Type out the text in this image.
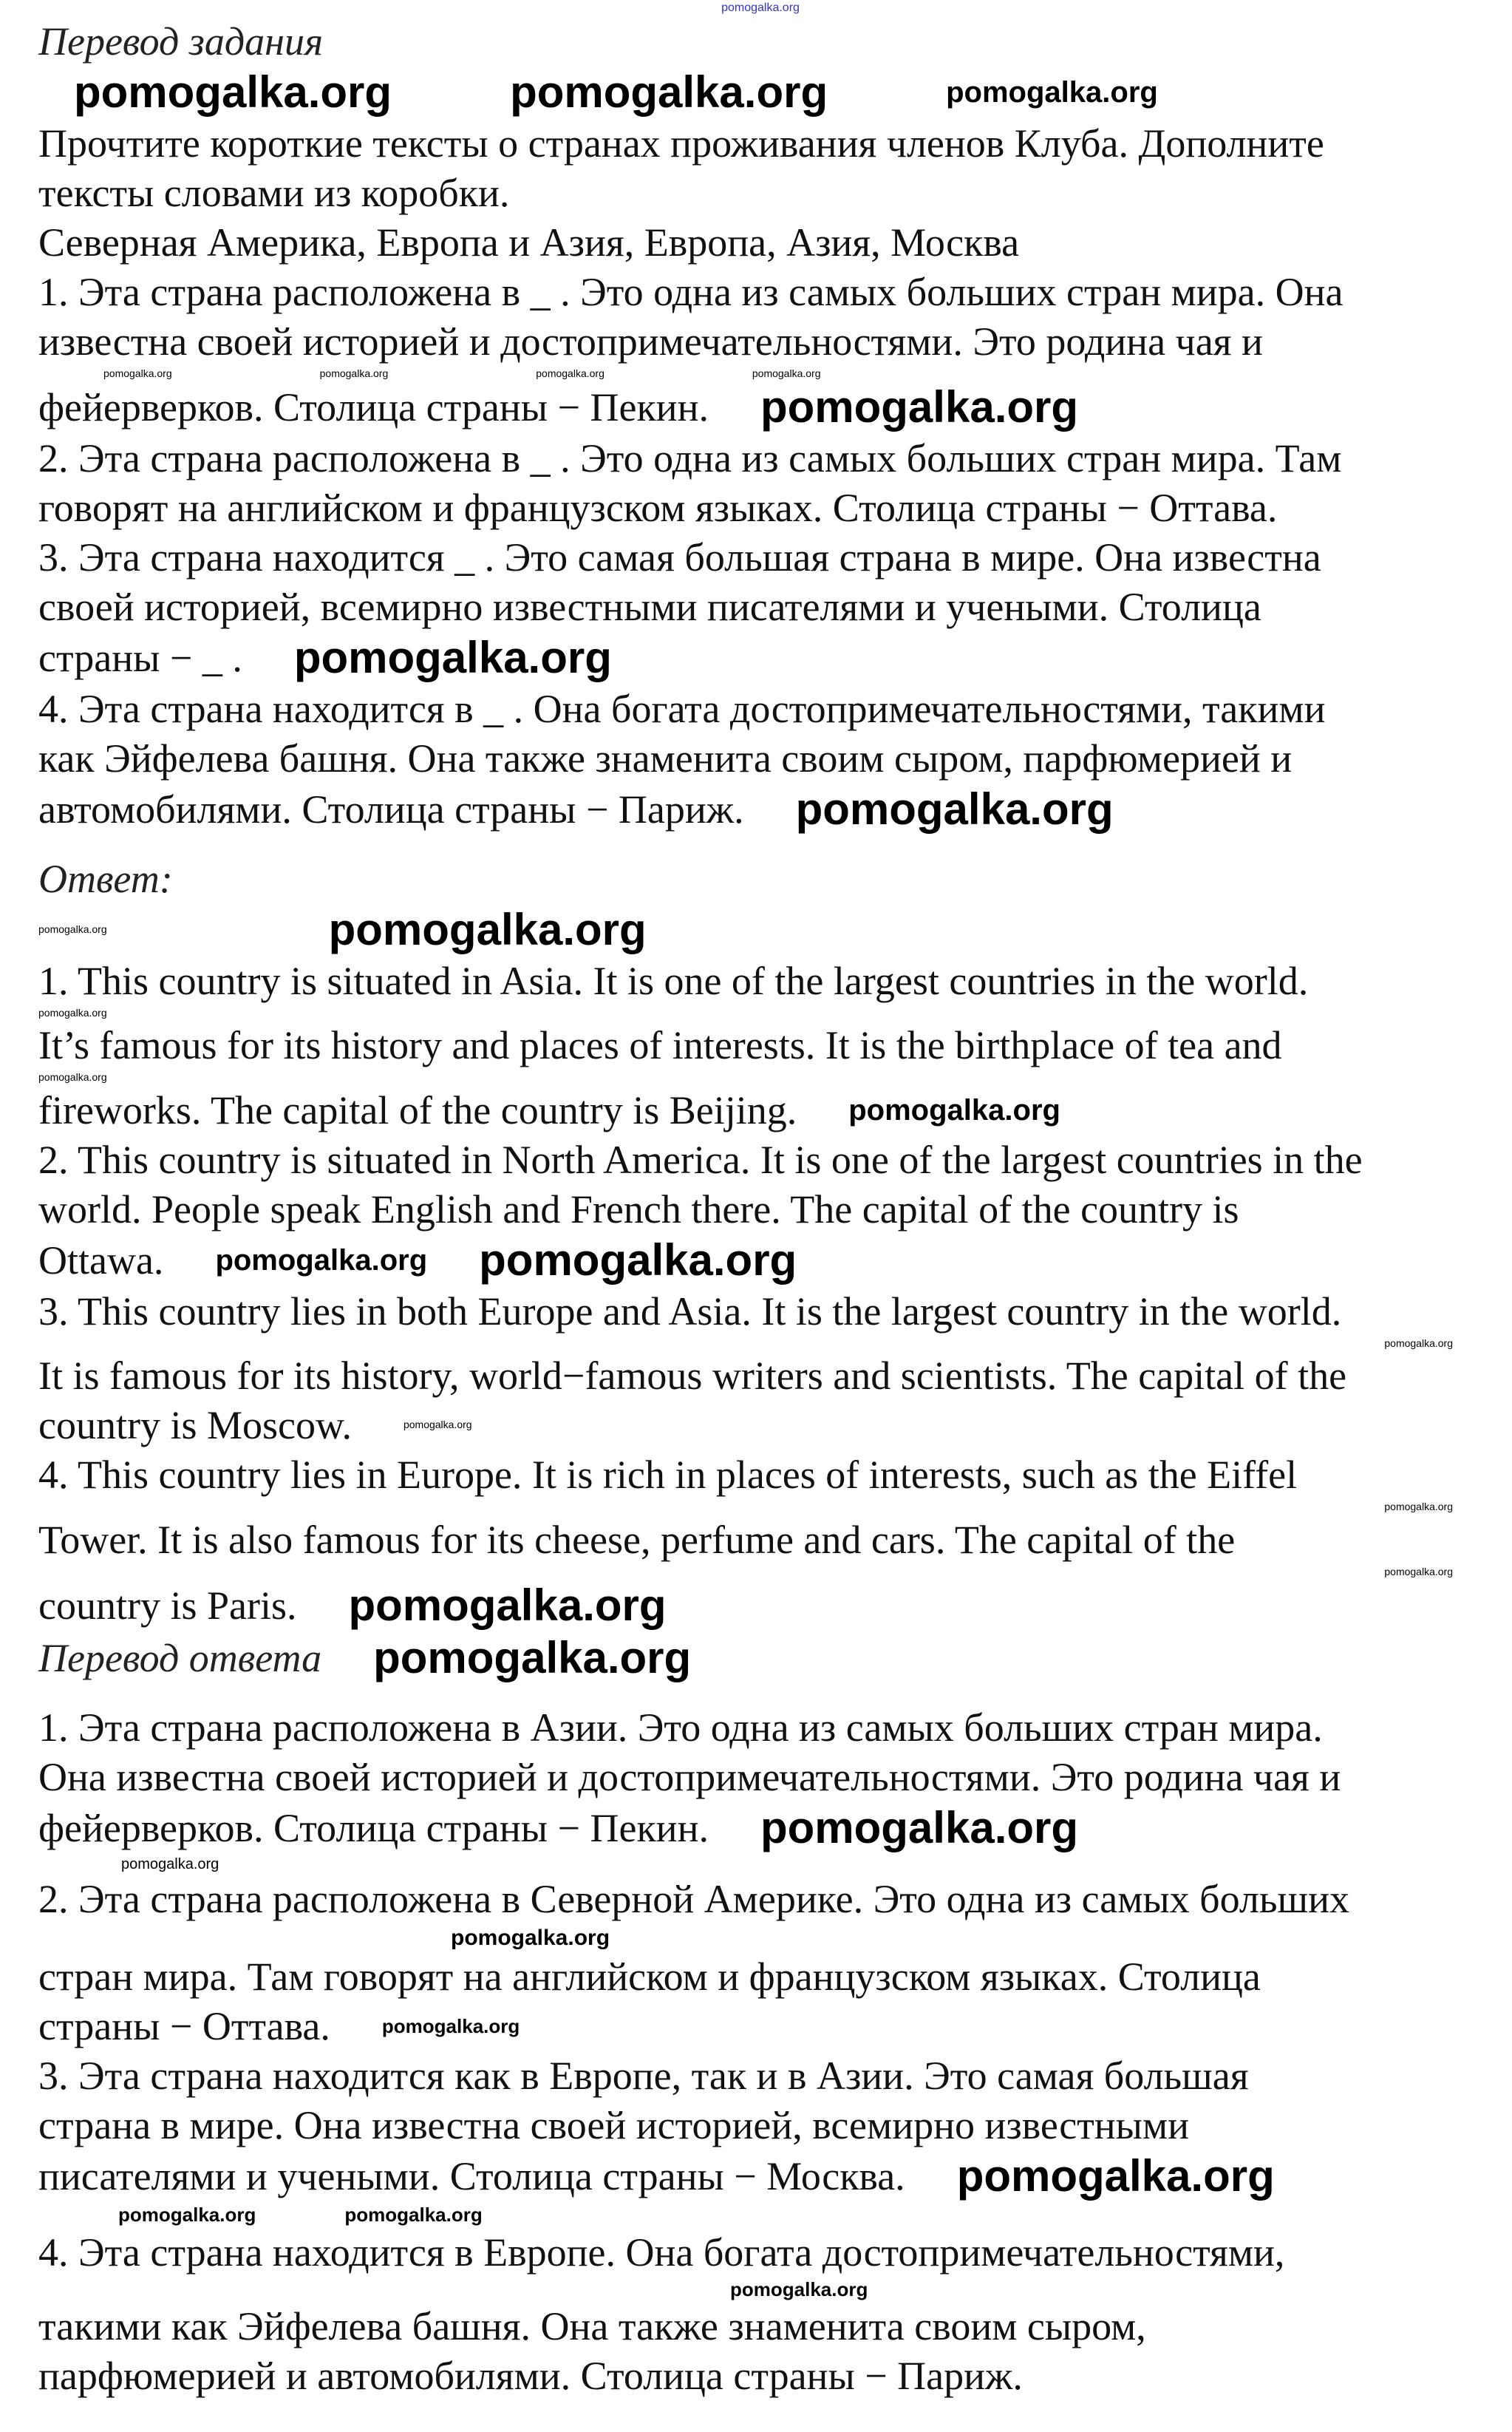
pomogalka.org
Перевод задания
pomogalka.org	pomogalka.org	pomogalka.org
Прочтите короткие тексты о странах проживания членов Клуба. Дополните
тексты словами из коробки.
Северная Америка, Европа и Азия, Европа, Азия, Москва
1. Эта страна расположена в _ . Это одна из самых больших стран мира. Она
известна своей историей и достопримечательностями. Это родина чая и
pomogalka.org	pomogalka.org	pomogalka.org	pomogalka.org
фейерверков. Столица страны − Пекин. pomogalka.org
2. Эта страна расположена в _ . Это одна из самых больших стран мира. Там
говорят на английском и французском языках. Столица страны − Оттава.
3. Эта страна находится _ . Это самая большая страна в мире. Она известна
своей историей, всемирно известными писателями и учеными. Столица
страны − _ . pomogalka.org
4. Эта страна находится в _ . Она богата достопримечательностями, такими
как Эйфелева башня. Она также знаменита своим сыром, парфюмерией и
автомобилями. Столица страны − Париж. pomogalka.org
Ответ:
pomogalka.org	pomogalka.org
1. This country is situated in Asia. It is one of the largest countries in the world.
pomogalka.org
It’s famous for its history and places of interests. It is the birthplace of tea and
pomogalka.org
fireworks. The capital of the country is Beijing. pomogalka.org
2. This country is situated in North America. It is one of the largest countries in the
world. People speak English and French there. The capital of the country is
Ottawa. pomogalka.org pomogalka.org
3. This country lies in both Europe and Asia. It is the largest country in the world.
pomogalka.org
It is famous for its history, world−famous writers and scientists. The capital of the
country is Moscow.	pomogalka.org
4. This country lies in Europe. It is rich in places of interests, such as the Eiffel
pomogalka.org
Tower. It is also famous for its cheese, perfume and cars. The capital of the
pomogalka.org
country is Paris. pomogalka.org
Перевод ответа pomogalka.org
1. Эта страна расположена в Азии. Это одна из самых больших стран мира.
Она известна своей историей и достопримечательностями. Это родина чая и
фейерверков. Столица страны − Пекин. pomogalka.org
pomogalka.org
2. Эта страна расположена в Северной Америке. Это одна из самых больших
pomogalka.org
стран мира. Там говорят на английском и французском языках. Столица
страны − Оттава.	pomogalka.org
3. Эта страна находится как в Европе, так и в Азии. Это самая большая
страна в мире. Она известна своей историей, всемирно известными
писателями и учеными. Столица страны − Москва. pomogalka.org
pomogalka.org	pomogalka.org
4. Эта страна находится в Европе. Она богата достопримечательностями,
pomogalka.org
такими как Эйфелева башня. Она также знаменита своим сыром,
парфюмерией и автомобилями. Столица страны − Париж.
